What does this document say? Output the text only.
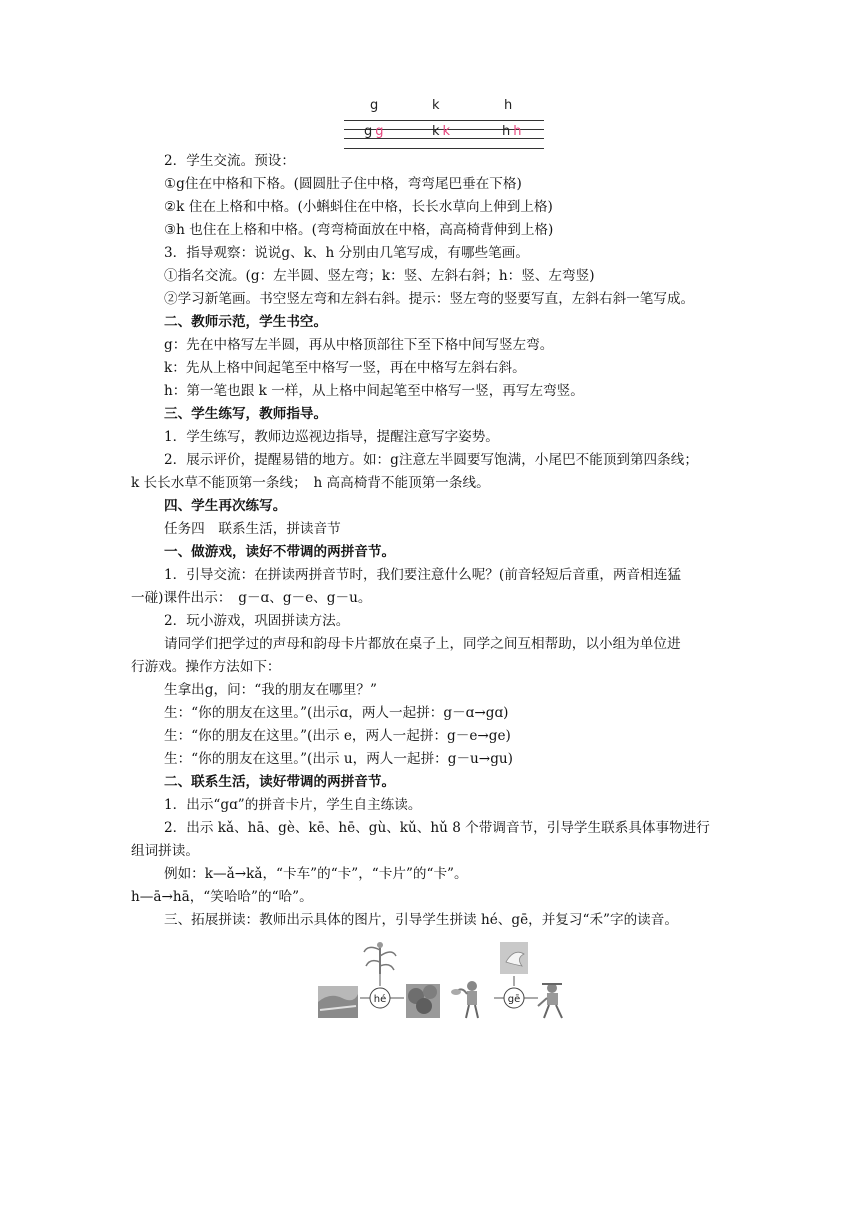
g	k	h
g g	k k	h h
2．学生交流。预设：
①g住在中格和下格。(圆圆肚子住中格，弯弯尾巴垂在下格)
②k 住在上格和中格。(小蝌蚪住在中格，长长水草向上伸到上格)
③h 也住在上格和中格。(弯弯椅面放在中格，高高椅背伸到上格)
3．指导观察：说说g、k、h 分别由几笔写成，有哪些笔画。
①指名交流。(g：左半圆、竖左弯；k：竖、左斜右斜；h：竖、左弯竖)
②学习新笔画。书空竖左弯和左斜右斜。提示：竖左弯的竖要写直，左斜右斜一笔写成。
二、教师示范，学生书空。
g：先在中格写左半圆，再从中格顶部往下至下格中间写竖左弯。
k：先从上格中间起笔至中格写一竖，再在中格写左斜右斜。
h：第一笔也跟 k 一样，从上格中间起笔至中格写一竖，再写左弯竖。
三、学生练写，教师指导。
1．学生练写，教师边巡视边指导，提醒注意写字姿势。
2．展示评价，提醒易错的地方。如：g注意左半圆要写饱满，小尾巴不能顶到第四条线；
k 长长水草不能顶第一条线；　h 高高椅背不能顶第一条线。
四、学生再次练写。
任务四　联系生活，拼读音节
一、做游戏，读好不带调的两拼音节。
1．引导交流：在拼读两拼音节时，我们要注意什么呢？(前音轻短后音重，两音相连猛
一碰)课件出示：　g－ɑ、g－e、g－u。
2．玩小游戏，巩固拼读方法。
请同学们把学过的声母和韵母卡片都放在桌子上，同学之间互相帮助，以小组为单位进
行游戏。操作方法如下：
生拿出g，问：“我的朋友在哪里？”
生：“你的朋友在这里。”(出示ɑ，两人一起拼：g－ɑ→gɑ)
生：“你的朋友在这里。”(出示 e，两人一起拼：g－e→ge)
生：“你的朋友在这里。”(出示 u，两人一起拼：g－u→gu)
二、联系生活，读好带调的两拼音节。
1．出示“gɑ”的拼音卡片，学生自主练读。
2．出示 kǎ、hā、gè、kē、hē、gù、kǔ、hǔ 8 个带调音节，引导学生联系具体事物进行
组词拼读。
例如：k—ǎ→kǎ，“卡车”的“卡”，“卡片”的“卡”。
h—ā→hā，“笑哈哈”的“哈”。
三、拓展拼读：教师出示具体的图片，引导学生拼读 hé、gē，并复习“禾”字的读音。
hé	gē
